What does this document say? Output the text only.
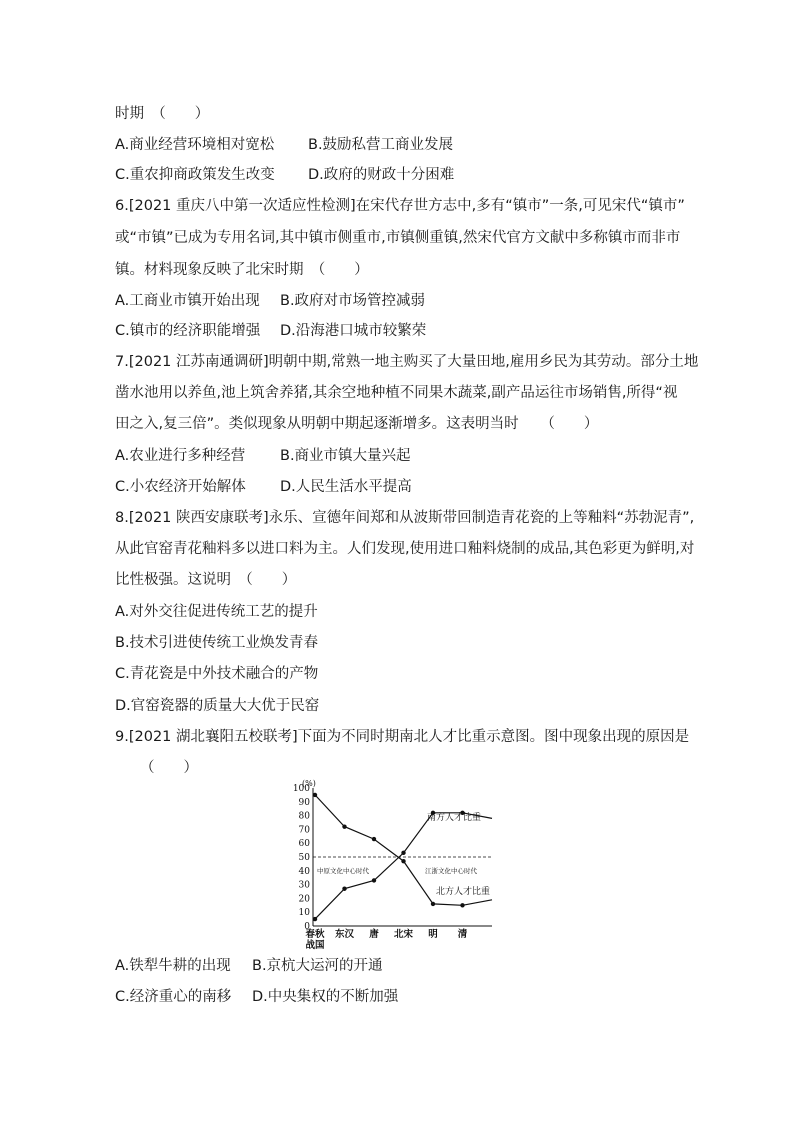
时期　（　　）
A.商业经营环境相对宽松 B.鼓励私营工商业发展
C.重农抑商政策发生改变 D.政府的财政十分困难
6.[2021 重庆八中第一次适应性检测]在宋代存世方志中,多有“镇市”一条,可见宋代“镇市”
或“市镇”已成为专用名词,其中镇市侧重市,市镇侧重镇,然宋代官方文献中多称镇市而非市
镇。材料现象反映了北宋时期　（　　）
A.工商业市镇开始出现 B.政府对市场管控减弱
C.镇市的经济职能增强 D.沿海港口城市较繁荣
7.[2021 江苏南通调研]明朝中期,常熟一地主购买了大量田地,雇用乡民为其劳动。部分土地
凿水池用以养鱼,池上筑舍养猪,其余空地种植不同果木蔬菜,副产品运往市场销售,所得“视
田之入,复三倍”。类似现象从明朝中期起逐渐增多。这表明当时　　（　　）
A.农业进行多种经营 B.商业市镇大量兴起
C.小农经济开始解体 D.人民生活水平提高
8.[2021 陕西安康联考]永乐、宣德年间郑和从波斯带回制造青花瓷的上等釉料“苏勃泥青”,
从此官窑青花釉料多以进口料为主。人们发现,使用进口釉料烧制的成品,其色彩更为鲜明,对
比性极强。这说明　（　　）
A.对外交往促进传统工艺的提升
B.技术引进使传统工业焕发青春
C.青花瓷是中外技术融合的产物
D.官窑瓷器的质量大大优于民窑
9.[2021 湖北襄阳五校联考]下面为不同时期南北人才比重示意图。图中现象出现的原因是
（　　）
0
10
20
30
40
50
60
70
80
90
100
春秋战国
东汉 唐 北宋 明 清
(%)
中原文化中心时代	江浙文化中心时代
南方人才比重
北方人才比重
A.铁犁牛耕的出现 B.京杭大运河的开通
C.经济重心的南移 D.中央集权的不断加强
